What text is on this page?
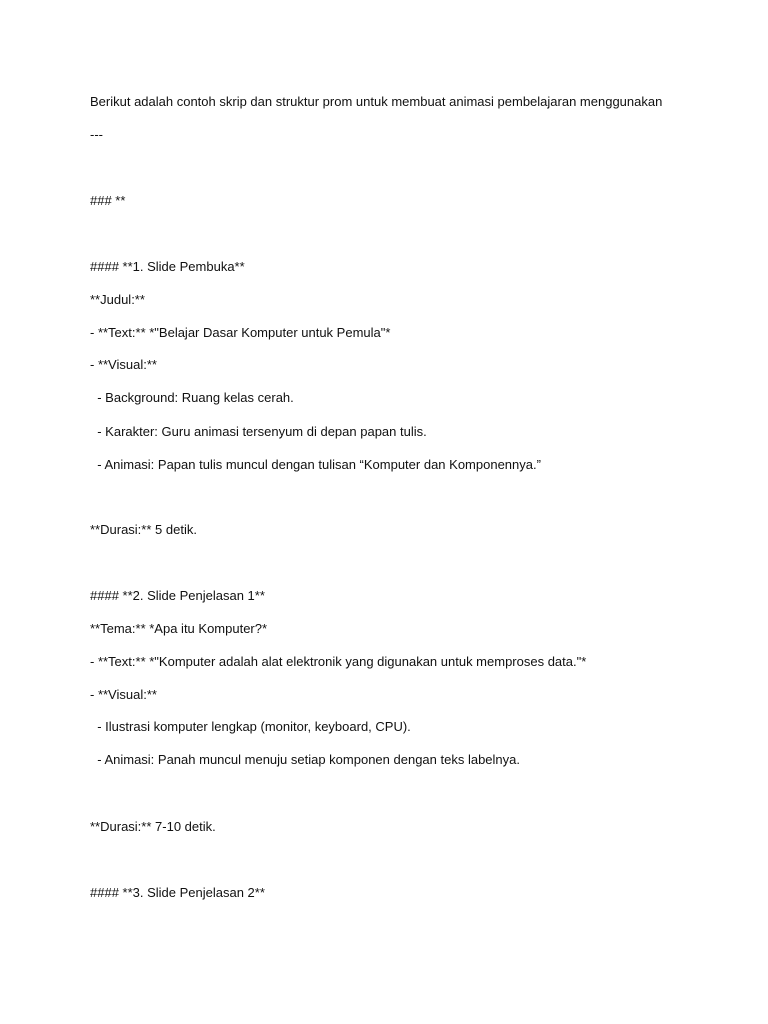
Berikut adalah contoh skrip dan struktur prom untuk membuat animasi pembelajaran menggunakan
---
### **
#### **1. Slide Pembuka**
**Judul:**
- **Text:** *"Belajar Dasar Komputer untuk Pemula"*
- **Visual:**
- Background: Ruang kelas cerah.
- Karakter: Guru animasi tersenyum di depan papan tulis.
- Animasi: Papan tulis muncul dengan tulisan “Komputer dan Komponennya.”
**Durasi:** 5 detik.
#### **2. Slide Penjelasan 1**
**Tema:** *Apa itu Komputer?*
- **Text:** *"Komputer adalah alat elektronik yang digunakan untuk memproses data."*
- **Visual:**
- Ilustrasi komputer lengkap (monitor, keyboard, CPU).
- Animasi: Panah muncul menuju setiap komponen dengan teks labelnya.
**Durasi:** 7-10 detik.
#### **3. Slide Penjelasan 2**
